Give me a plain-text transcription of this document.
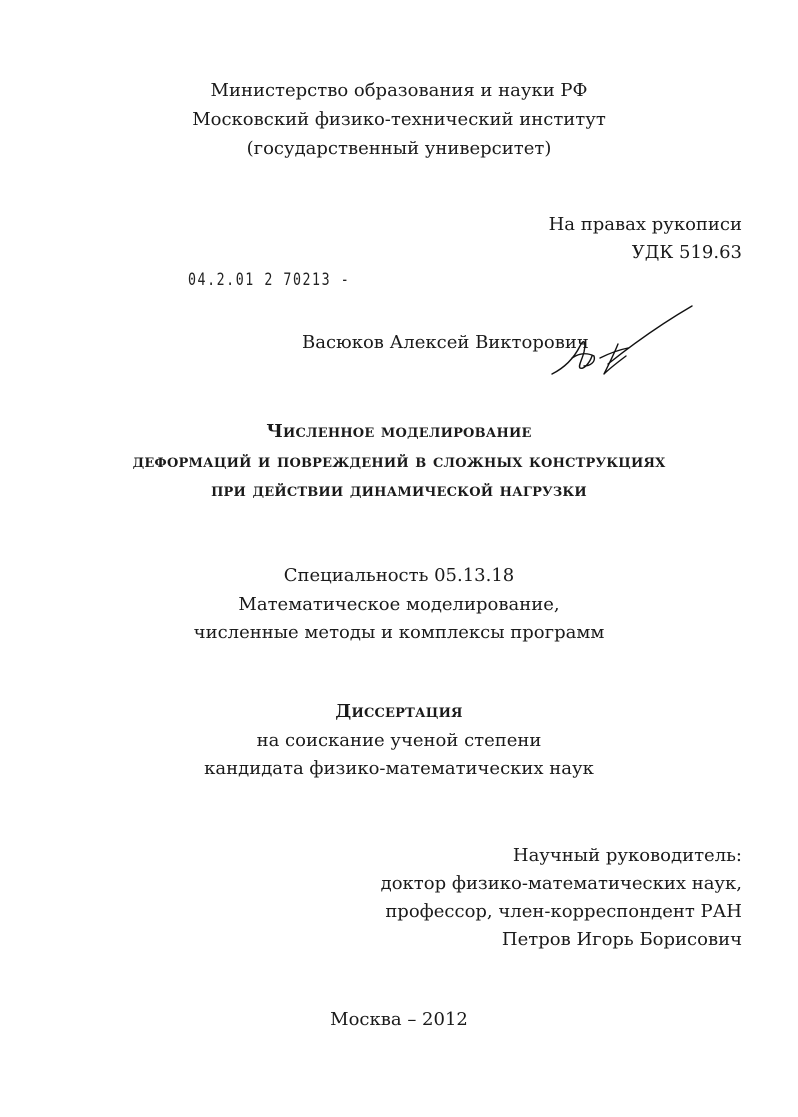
Министерство образования и науки РФ
Московский физико-технический институт
(государственный университет)
На правах рукописи
УДК 519.63
04.2.01 2 70213 -
Васюков Алексей Викторович
Численное моделирование
деформаций и повреждений в сложных конструкциях
при действии динамической нагрузки
Специальность 05.13.18
Математическое моделирование,
численные методы и комплексы программ
Диссертация
на соискание ученой степени
кандидата физико-математических наук
Научный руководитель:
доктор физико-математических наук,
профессор, член-корреспондент РАН
Петров Игорь Борисович
Москва – 2012
